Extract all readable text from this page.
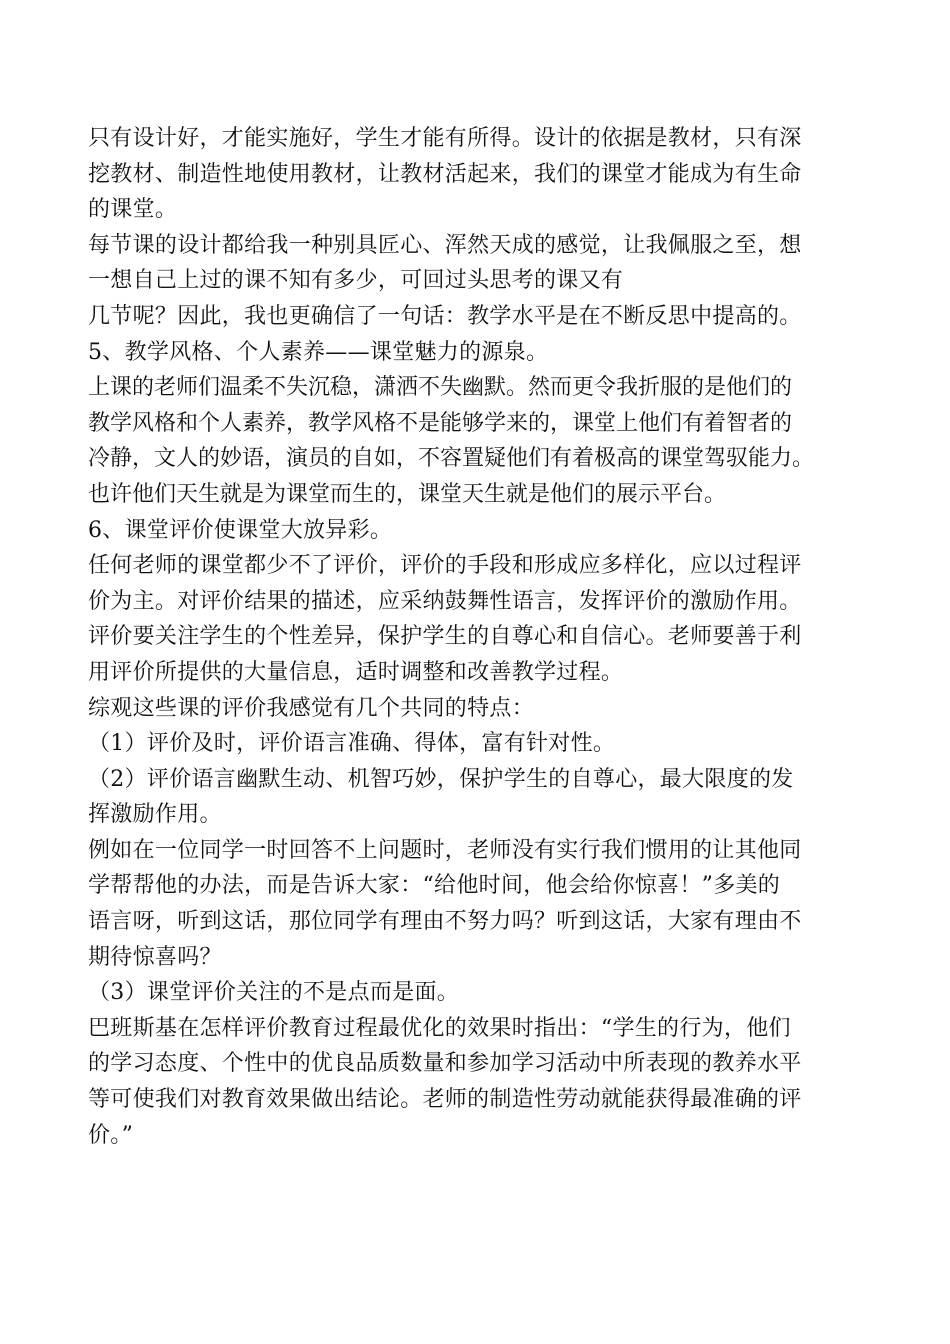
只有设计好，才能实施好，学生才能有所得。设计的依据是教材，只有深
挖教材、制造性地使用教材，让教材活起来，我们的课堂才能成为有生命
的课堂。

每节课的设计都给我一种别具匠心、浑然天成的感觉，让我佩服之至，想
一想自己上过的课不知有多少，可回过头思考的课又有

几节呢？因此，我也更确信了一句话：教学水平是在不断反思中提高的。

5、教学风格、个人素养——课堂魅力的源泉。

上课的老师们温柔不失沉稳，潇洒不失幽默。然而更令我折服的是他们的
教学风格和个人素养，教学风格不是能够学来的，课堂上他们有着智者的
冷静，文人的妙语，演员的自如，不容置疑他们有着极高的课堂驾驭能力。
也许他们天生就是为课堂而生的，课堂天生就是他们的展示平台。

6、课堂评价使课堂大放异彩。

任何老师的课堂都少不了评价，评价的手段和形成应多样化，应以过程评
价为主。对评价结果的描述，应采纳鼓舞性语言，发挥评价的激励作用。
评价要关注学生的个性差异，保护学生的自尊心和自信心。老师要善于利
用评价所提供的大量信息，适时调整和改善教学过程。

综观这些课的评价我感觉有几个共同的特点：

（1）评价及时，评价语言准确、得体，富有针对性。

（2）评价语言幽默生动、机智巧妙，保护学生的自尊心，最大限度的发
挥激励作用。

例如在一位同学一时回答不上问题时，老师没有实行我们惯用的让其他同
学帮帮他的办法，而是告诉大家：“给他时间，他会给你惊喜！”多美的
语言呀，听到这话，那位同学有理由不努力吗？听到这话，大家有理由不
期待惊喜吗？

（3）课堂评价关注的不是点而是面。

巴班斯基在怎样评价教育过程最优化的效果时指出：“学生的行为，他们
的学习态度、个性中的优良品质数量和参加学习活动中所表现的教养水平
等可使我们对教育效果做出结论。老师的制造性劳动就能获得最准确的评
价。”
